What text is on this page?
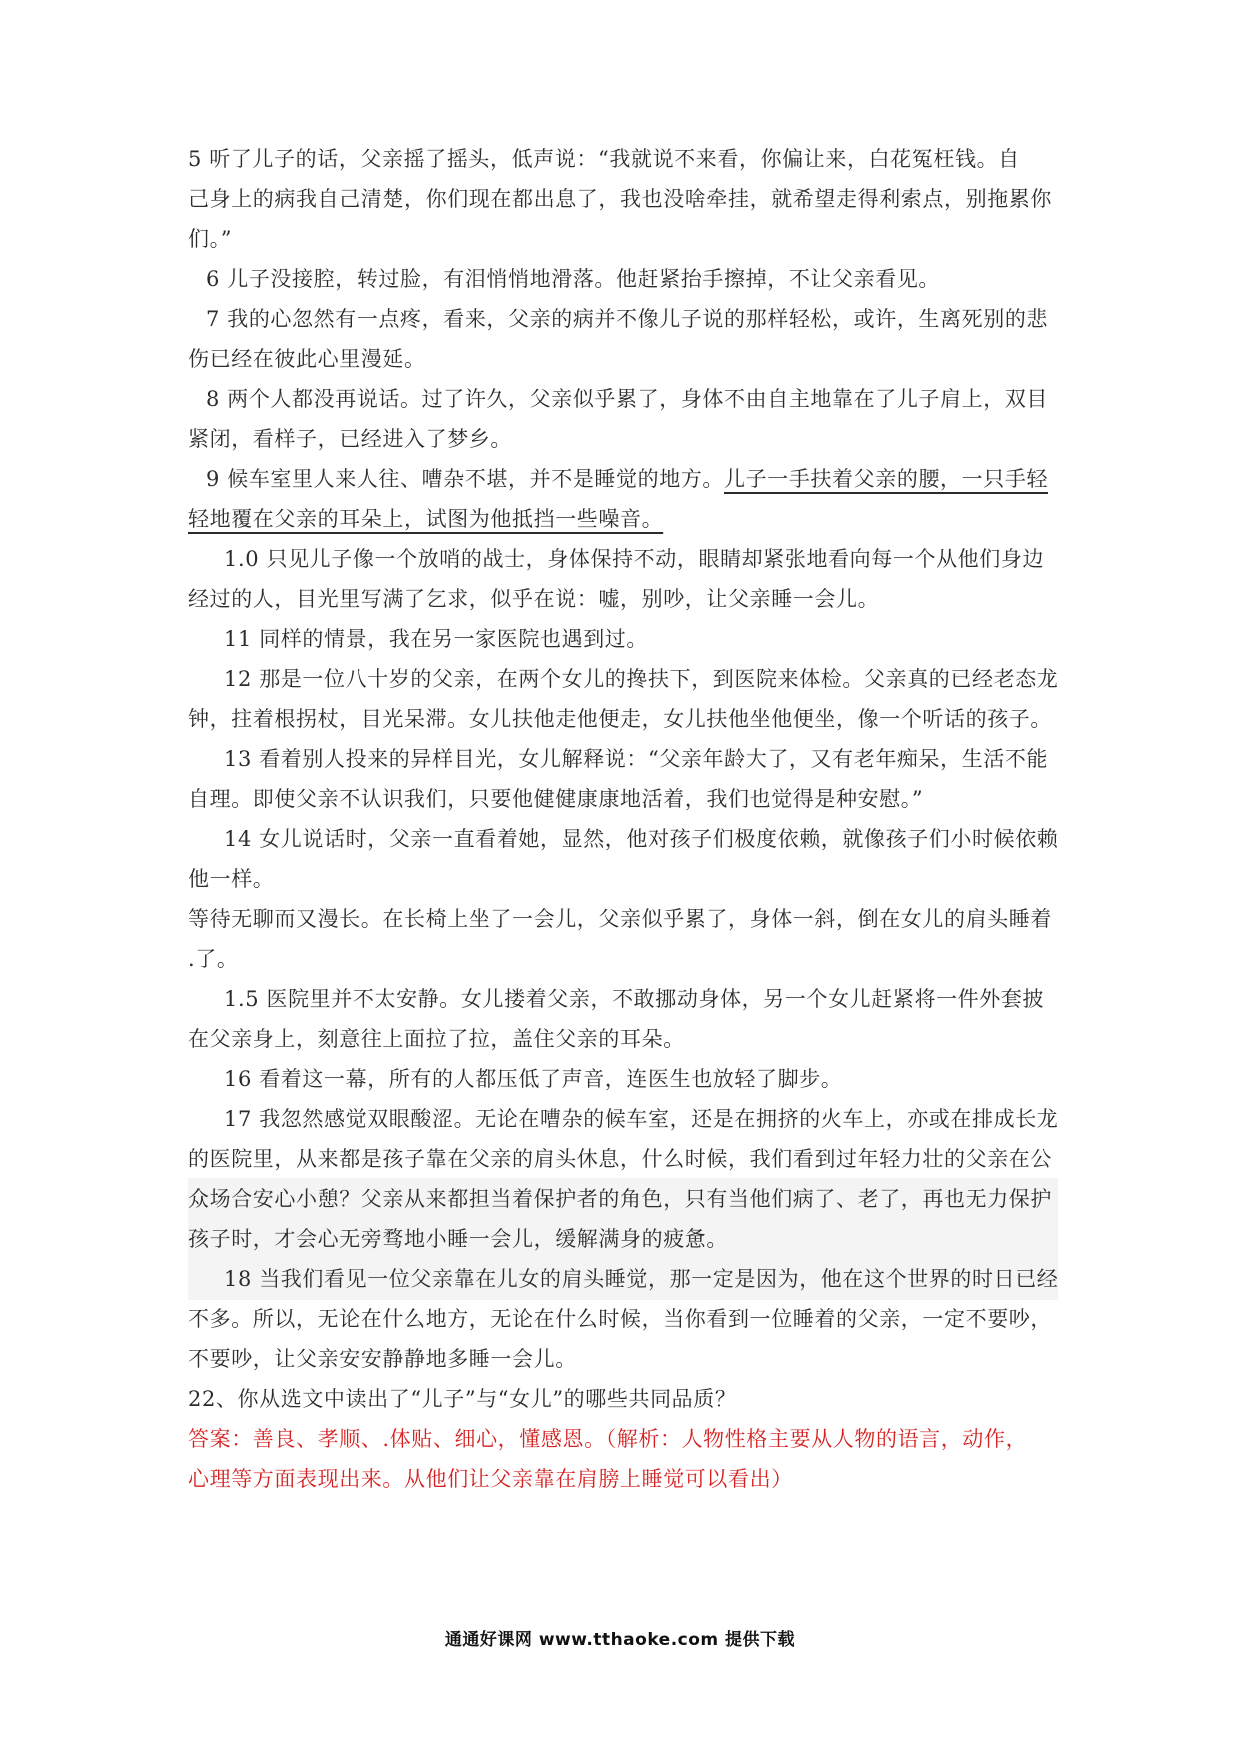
5 听了儿子的话，父亲摇了摇头，低声说：“我就说不来看，你偏让来，白花冤枉钱。自
己身上的病我自己清楚，你们现在都出息了，我也没啥牵挂，就希望走得利索点，别拖累你
们。”
6 儿子没接腔，转过脸，有泪悄悄地滑落。他赶紧抬手擦掉，不让父亲看见。
7 我的心忽然有一点疼，看来，父亲的病并不像儿子说的那样轻松，或许，生离死别的悲
伤已经在彼此心里漫延。
8 两个人都没再说话。过了许久，父亲似乎累了，身体不由自主地靠在了儿子肩上，双目
紧闭，看样子，已经进入了梦乡。
9 候车室里人来人往、嘈杂不堪，并不是睡觉的地方。儿子一手扶着父亲的腰，一只手轻
轻地覆在父亲的耳朵上，试图为他抵挡一些噪音。
1.0 只见儿子像一个放哨的战士，身体保持不动，眼睛却紧张地看向每一个从他们身边
经过的人，目光里写满了乞求，似乎在说：嘘，别吵，让父亲睡一会儿。
11 同样的情景，我在另一家医院也遇到过。
12 那是一位八十岁的父亲，在两个女儿的搀扶下，到医院来体检。父亲真的已经老态龙
钟，拄着根拐杖，目光呆滞。女儿扶他走他便走，女儿扶他坐他便坐，像一个听话的孩子。
13 看着别人投来的异样目光，女儿解释说：“父亲年龄大了，又有老年痴呆，生活不能
自理。即使父亲不认识我们，只要他健健康康地活着，我们也觉得是种安慰。”
14 女儿说话时，父亲一直看着她，显然，他对孩子们极度依赖，就像孩子们小时候依赖
他一样。
等待无聊而又漫长。在长椅上坐了一会儿，父亲似乎累了，身体一斜，倒在女儿的肩头睡着
.了。
1.5 医院里并不太安静。女儿搂着父亲，不敢挪动身体，另一个女儿赶紧将一件外套披
在父亲身上，刻意往上面拉了拉，盖住父亲的耳朵。
16 看着这一幕，所有的人都压低了声音，连医生也放轻了脚步。
17 我忽然感觉双眼酸涩。无论在嘈杂的候车室，还是在拥挤的火车上，亦或在排成长龙
的医院里，从来都是孩子靠在父亲的肩头休息，什么时候，我们看到过年轻力壮的父亲在公
众场合安心小憩？父亲从来都担当着保护者的角色，只有当他们病了、老了，再也无力保护
孩子时，才会心无旁骛地小睡一会儿，缓解满身的疲惫。
18 当我们看见一位父亲靠在儿女的肩头睡觉，那一定是因为，他在这个世界的时日已经
不多。所以，无论在什么地方，无论在什么时候，当你看到一位睡着的父亲，一定不要吵，
不要吵，让父亲安安静静地多睡一会儿。
22、你从选文中读出了“儿子”与“女儿”的哪些共同品质？
答案：善良、孝顺、.体贴、细心，懂感恩。（解析：人物性格主要从人物的语言，动作，
心理等方面表现出来。从他们让父亲靠在肩膀上睡觉可以看出）
通通好课网 www.tthaoke.com 提供下载
